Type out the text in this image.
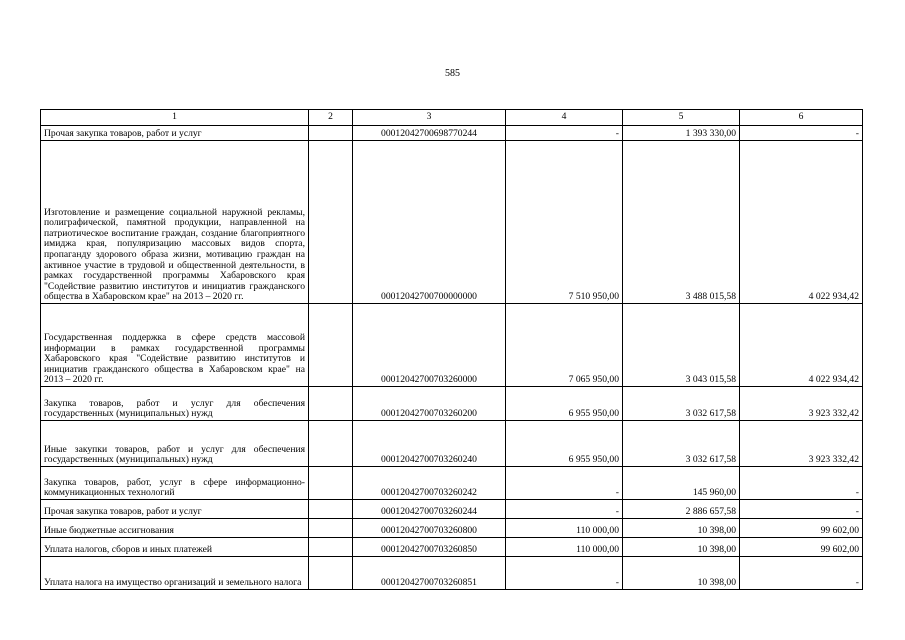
585
1	2	3	4	5	6
Прочая закупка товаров, работ и услуг		00012042700698770244	-	1 393 330,00	-
Изготовление и размещение социальной наружной рекламы, полиграфической, памятной продукции, направленной на патриотическое воспитание граждан, создание благоприятного имиджа края, популяризацию массовых видов спорта, пропаганду здорового образа жизни, мотивацию граждан на активное участие в трудовой и общественной деятельности, в рамках государственной программы Хабаровского края "Содействие развитию институтов и инициатив гражданского общества в Хабаровском крае" на 2013 – 2020 гг.		00012042700700000000	7 510 950,00	3 488 015,58	4 022 934,42
Государственная поддержка в сфере средств массовой информации в рамках государственной программы Хабаровского края "Содействие развитию институтов и инициатив гражданского общества в Хабаровском крае" на 2013 – 2020 гг.		00012042700703260000	7 065 950,00	3 043 015,58	4 022 934,42
Закупка товаров, работ и услуг для обеспечения государственных (муниципальных) нужд		00012042700703260200	6 955 950,00	3 032 617,58	3 923 332,42
Иные закупки товаров, работ и услуг для обеспечения государственных (муниципальных) нужд		00012042700703260240	6 955 950,00	3 032 617,58	3 923 332,42
Закупка товаров, работ, услуг в сфере информационно-коммуникационных технологий		00012042700703260242	-	145 960,00	-
Прочая закупка товаров, работ и услуг		00012042700703260244	-	2 886 657,58	-
Иные бюджетные ассигнования		00012042700703260800	110 000,00	10 398,00	99 602,00
Уплата налогов, сборов и иных платежей		00012042700703260850	110 000,00	10 398,00	99 602,00
Уплата налога на имущество организаций и земельного налога		00012042700703260851	-	10 398,00	-
